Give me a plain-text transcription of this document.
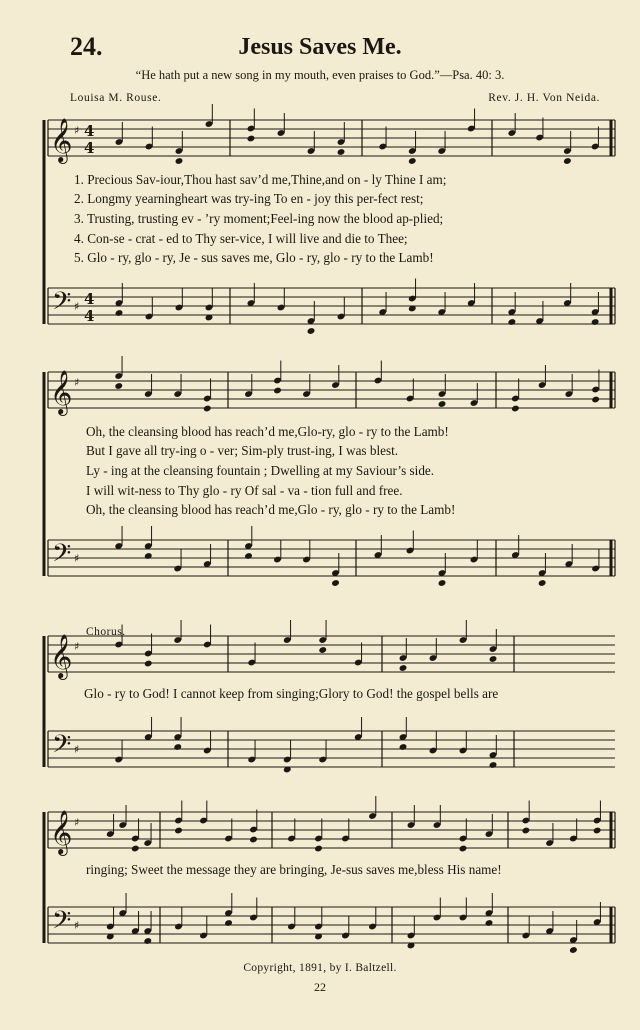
24.	Jesus Saves Me.
“He hath put a new song in my mouth, even praises to God.”—Psa. 40: 3.
Louisa M. Rouse.	Rev. J. H. Von Neida.
𝄞
𝄢
♯
♯
4
4
4
4
𝄞
𝄢
♯
♯
𝄞
𝄢
♯
♯
𝄞
𝄢
♯
♯
1. Precious Sav-iour,Thou hast sav’d me,Thine,and on - ly Thine I am;
2. Longmy yearningheart was try-ing To en - joy this per-fect rest;
3. Trusting, trusting ev - ’ry moment;Feel-ing now the blood ap-plied;
4. Con-se - crat - ed to Thy ser-vice, I will live and die to Thee;
5. Glo - ry, glo - ry, Je - sus saves me, Glo - ry, glo - ry to the Lamb!
Oh, the cleansing blood has reach’d me,Glo-ry, glo - ry to the Lamb!
But I gave all try-ing o - ver; Sim-ply trust-ing, I was blest.
Ly - ing at the cleansing fountain ; Dwelling at my Saviour’s side.
I will wit-ness to Thy glo - ry Of sal - va - tion full and free.
Oh, the cleansing blood has reach’d me,Glo - ry, glo - ry to the Lamb!
Chorus.
Glo - ry to God! I cannot keep from singing;Glory to God! the gospel bells are
ringing; Sweet the message they are bringing, Je-sus saves me,bless His name!
Copyright, 1891, by I. Baltzell.
22
